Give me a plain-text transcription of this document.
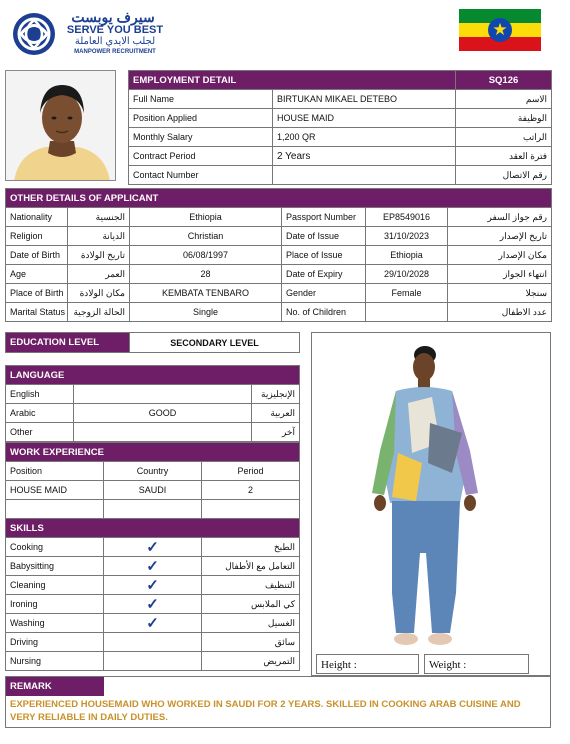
سيرف يوبست
SERVE YOU BEST
لجلب الايدي العاملة
MANPOWER RECRUITMENT
★
EMPLOYMENT DETAIL		SQ126
Full Name	BIRTUKAN MIKAEL DETEBO	الاسم
Position Applied	HOUSE MAID	الوظيفة
Monthly Salary	1,200 QR	الراتب
Contract Period	2 Years	فترة العقد
Contact Number		رقم الاتصال
OTHER DETAILS OF APPLICANT					
Nationality	الجنسية	Ethiopia	Passport Number	EP8549016	رقم جواز السفر
Religion	الديانة	Christian	Date of Issue	31/10/2023	تاريخ الإصدار
Date of Birth	تاريخ الولادة	06/08/1997	Place of Issue	Ethiopia	مكان الإصدار
Age	العمر	28	Date of Expiry	29/10/2028	انتهاء الجواز
Place of Birth	مكان الولادة	KEMBATA TENBARO	Gender	Female	سنجلا
Marital Status	الحالة الزوجية	Single	No. of Children		عدد الاطفال
EDUCATION LEVEL	SECONDARY LEVEL
LANGUAGE		
English		الإنجليزية
Arabic	GOOD	العربية
Other		آخر
WORK EXPERIENCE		
Position	Country	Period
HOUSE MAID	SAUDI	2

SKILLS		
Cooking	✓	الطبخ
Babysitting	✓	التعامل مع الأطفال
Cleaning	✓	التنظيف
Ironing	✓	كي الملابس
Washing	✓	الغسيل
Driving		سائق
Nursing		التمريض Height :	Weight :
REMARK
EXPERIENCED HOUSEMAID WHO WORKED IN SAUDI FOR 2 YEARS. SKILLED IN COOKING ARAB CUISINE AND VERY RELIABLE IN DAILY DUTIES.
